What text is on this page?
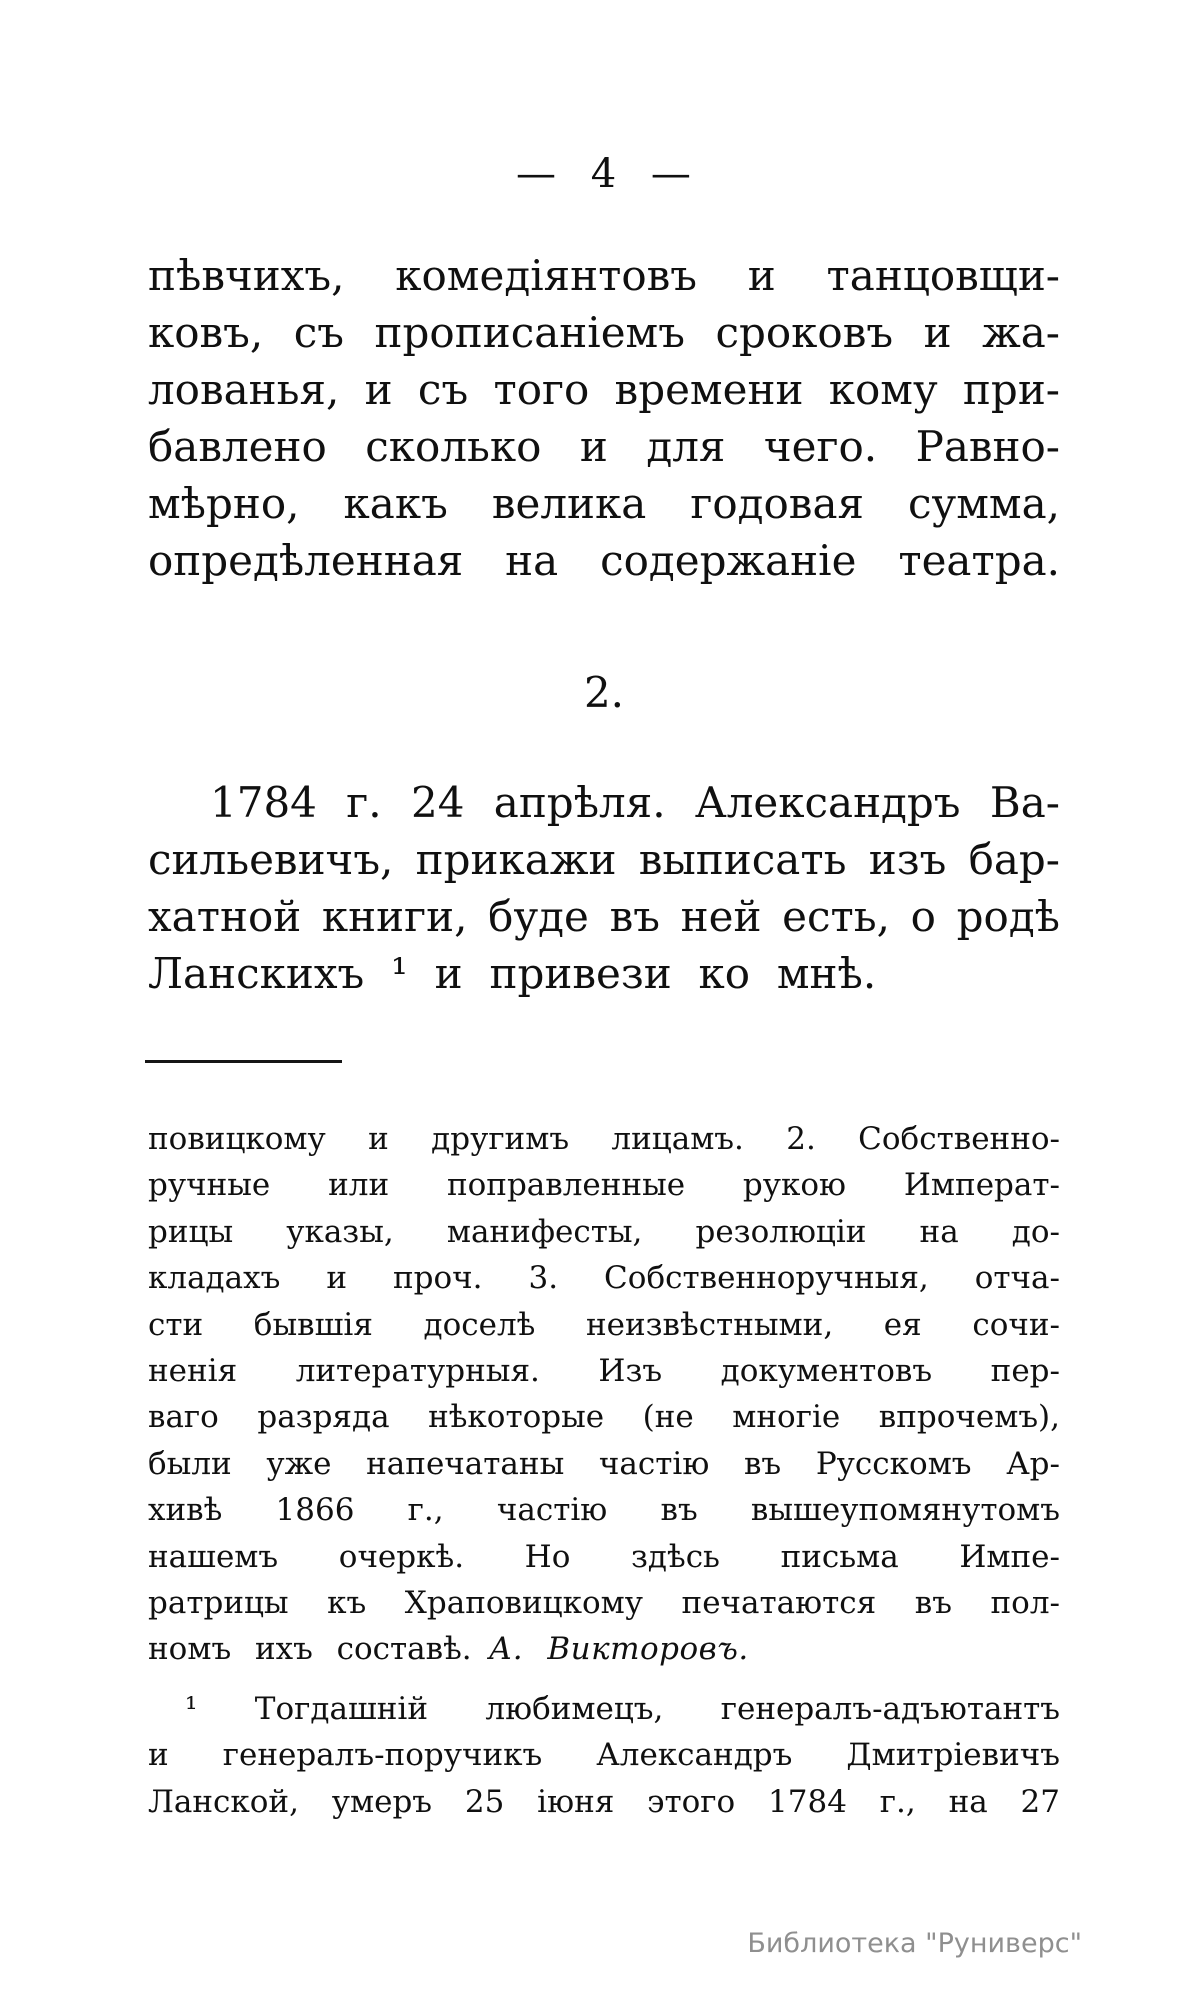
— 4 —
пѣвчихъ, комедіянтовъ и танцовщи-
ковъ, съ прописаніемъ сроковъ и жа-
лованья, и съ того времени кому при-
бавлено сколько и для чего. Равно-
мѣрно, какъ велика годовая сумма,
опредѣленная на содержаніе театра.
2.
1784 г. 24 апрѣля. Александръ Ва-
сильевичъ, прикажи выписать изъ бар-
хатной книги, буде въ ней есть, о родѣ
Ланскихъ ¹ и привези ко мнѣ.
повицкому и другимъ лицамъ. 2. Собственно-
ручные или поправленные рукою Императ-
рицы указы, манифесты, резолюціи на до-
кладахъ и проч. 3. Собственноручныя, отча-
сти бывшія доселѣ неизвѣстными, ея сочи-
ненія литературныя. Изъ документовъ пер-
ваго разряда нѣкоторые (не многіе впрочемъ),
были уже напечатаны частію въ Русскомъ Ар-
хивѣ 1866 г., частію въ вышеупомянутомъ
нашемъ очеркѣ. Но здѣсь письма Импе-
ратрицы къ Храповицкому печатаются въ пол-
номъ ихъ составѣ. А. Викторовъ.
¹ Тогдашній любимецъ, генералъ-адъютантъ
и генералъ-поручикъ Александръ Дмитріевичъ
Ланской, умеръ 25 іюня этого 1784 г., на 27
Библиотека "Руниверс"
